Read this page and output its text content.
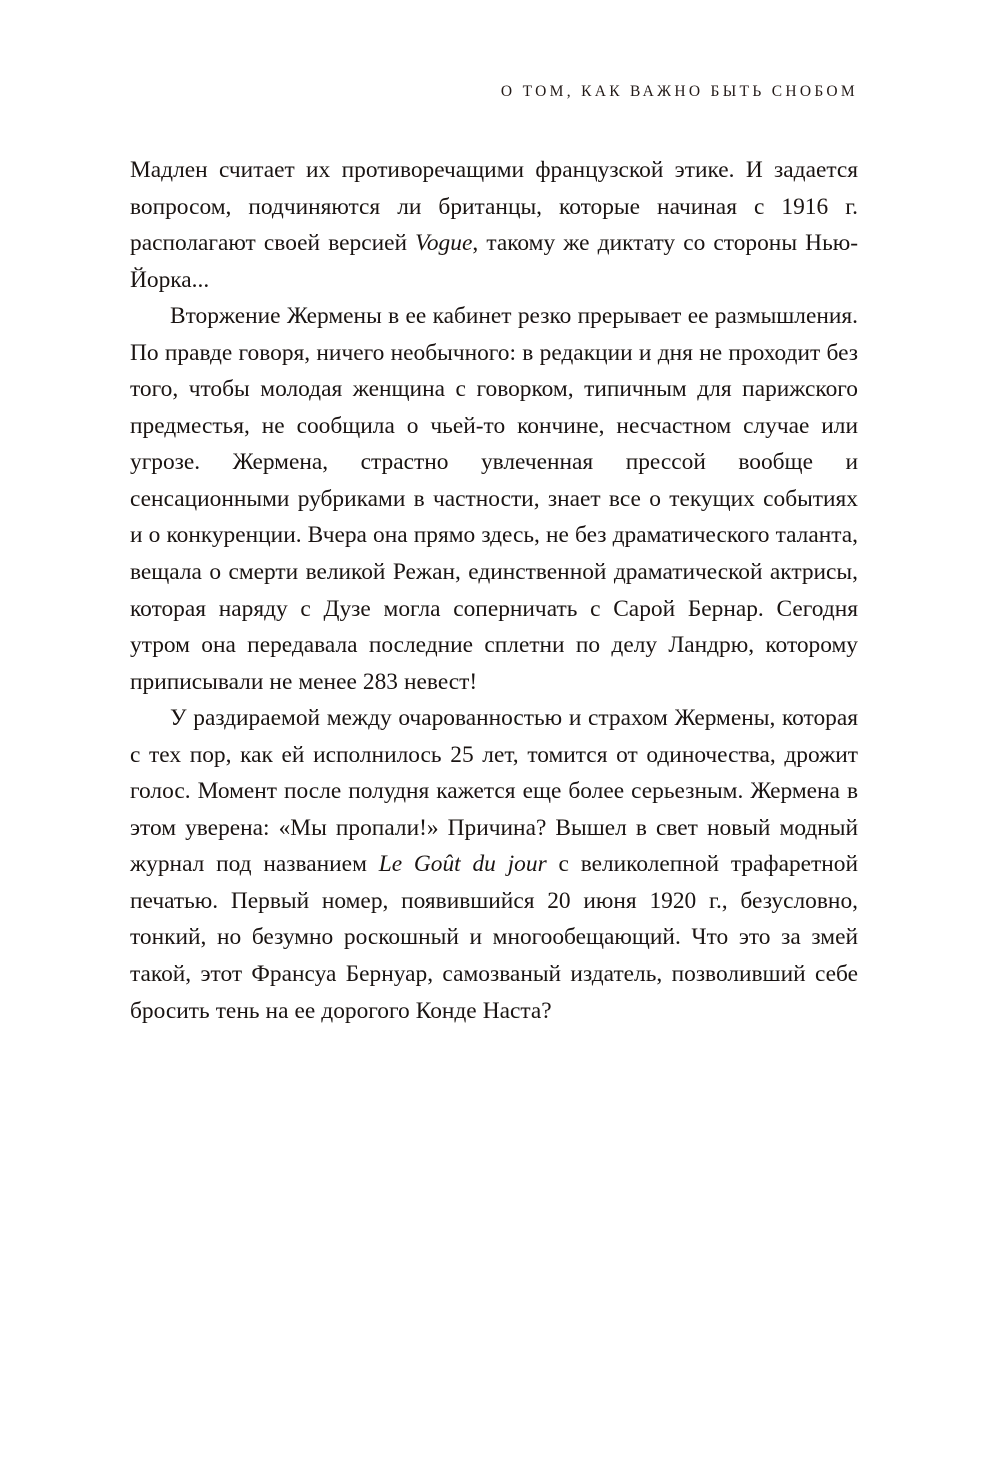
О ТОМ, КАК ВАЖНО БЫТЬ СНОБОМ

Мадлен считает их противоречащими французской этике. И задается вопросом, подчиняются ли британцы, которые начиная с 1916 г. располагают своей версией Vogue, такому же диктату со стороны Нью-Йорка...

Вторжение Жермены в ее кабинет резко прерывает ее размышления. По правде говоря, ничего необычного: в редакции и дня не проходит без того, чтобы молодая женщина с говорком, типичным для парижского предместья, не сообщила о чьей-то кончине, несчастном случае или угрозе. Жермена, страстно увлеченная прессой вообще и сенсационными рубриками в частности, знает все о текущих событиях и о конкуренции. Вчера она прямо здесь, не без драматического таланта, вещала о смерти великой Режан, единственной драматической актрисы, которая наряду с Дузе могла соперничать с Сарой Бернар. Сегодня утром она передавала последние сплетни по делу Ландрю, которому приписывали не менее 283 невест!

У раздираемой между очарованностью и страхом Жермены, которая с тех пор, как ей исполнилось 25 лет, томится от одиночества, дрожит голос. Момент после полудня кажется еще более серьезным. Жермена в этом уверена: «Мы пропали!» Причина? Вышел в свет новый модный журнал под названием Le Goût du jour с великолепной трафаретной печатью. Первый номер, появившийся 20 июня 1920 г., безусловно, тонкий, но безумно роскошный и многообещающий. Что это за змей такой, этот Франсуа Бернуар, самозваный издатель, позволивший себе бросить тень на ее дорогого Конде Наста?
